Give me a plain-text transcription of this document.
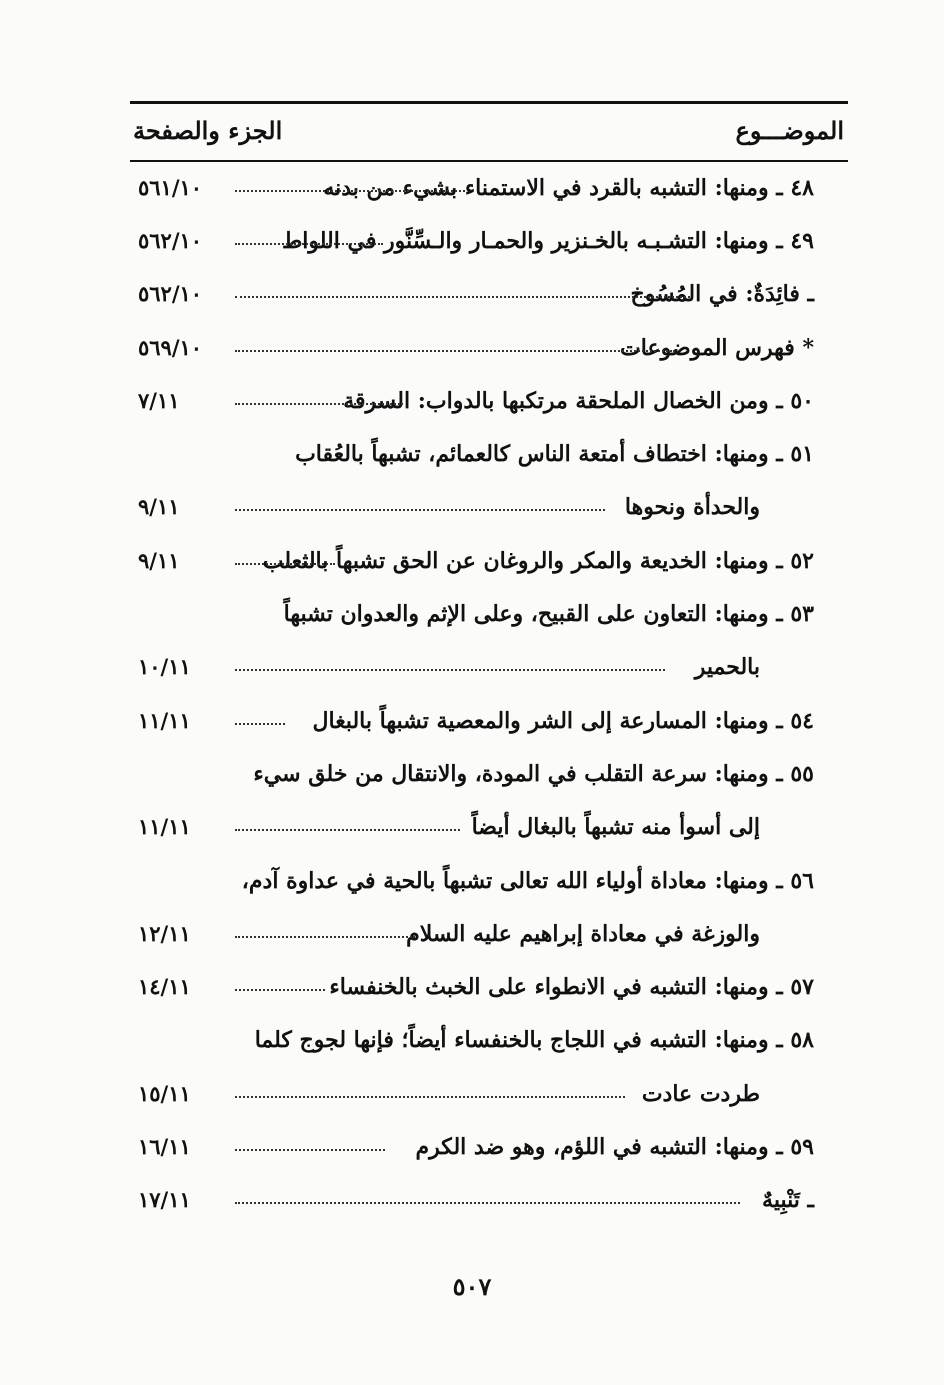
الموضـــوع
الجزء والصفحة
٤٨ ـ ومنها: التشبه بالقرد في الاستمناء بشيء من بدنه
٥٦١/١٠
٤٩ ـ ومنها: التشـبـه بالخـنزير والحمـار والـسِّنَّور في اللواط
٥٦٢/١٠
ـ فائِدَةٌ: في المُسُوخ
٥٦٢/١٠
* فهرس الموضوعات
٥٦٩/١٠
٥٠ ـ ومن الخصال الملحقة مرتكبها بالدواب: السرقة
٧/١١
٥١ ـ ومنها: اختطاف أمتعة الناس كالعمائم، تشبهاً بالعُقاب
والحدأة ونحوها
٩/١١
٥٢ ـ ومنها: الخديعة والمكر والروغان عن الحق تشبهاً بالثعلب
٩/١١
٥٣ ـ ومنها: التعاون على القبيح، وعلى الإثم والعدوان تشبهاً
بالحمير
١٠/١١
٥٤ ـ ومنها: المسارعة إلى الشر والمعصية تشبهاً بالبغال
١١/١١
٥٥ ـ ومنها: سرعة التقلب في المودة، والانتقال من خلق سيء
إلى أسوأ منه تشبهاً بالبغال أيضاً
١١/١١
٥٦ ـ ومنها: معاداة أولياء الله تعالى تشبهاً بالحية في عداوة آدم،
والوزغة في معاداة إبراهيم عليه السلام
١٢/١١
٥٧ ـ ومنها: التشبه في الانطواء على الخبث بالخنفساء
١٤/١١
٥٨ ـ ومنها: التشبه في اللجاج بالخنفساء أيضاً؛ فإنها لجوج كلما
طردت عادت
١٥/١١
٥٩ ـ ومنها: التشبه في اللؤم، وهو ضد الكرم
١٦/١١
ـ تَنْبِيهٌ
١٧/١١
٥٠٧
